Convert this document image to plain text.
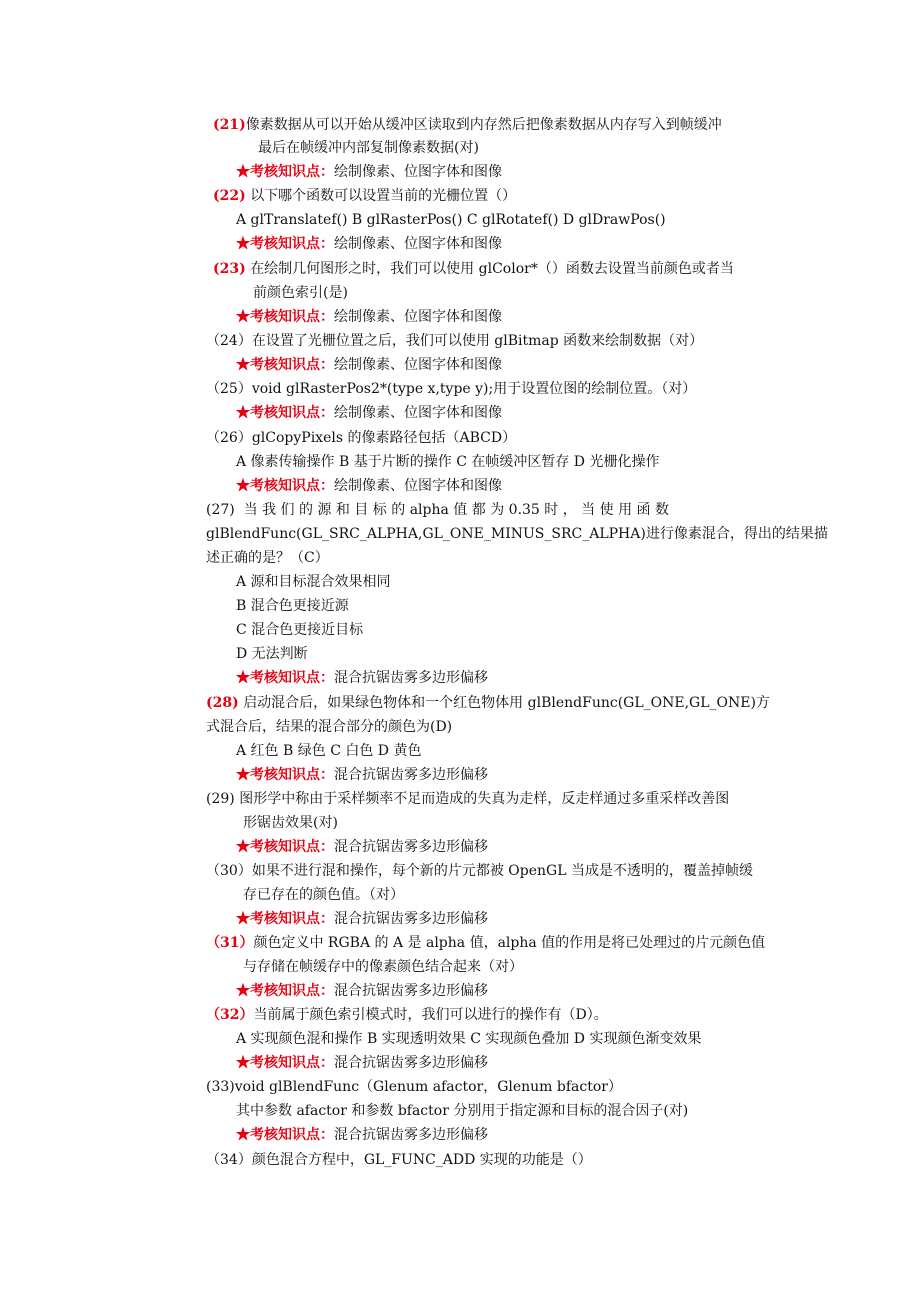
(21)像素数据从可以开始从缓冲区读取到内存然后把像素数据从内存写入到帧缓冲
最后在帧缓冲内部复制像素数据(对)
★考核知识点：绘制像素、位图字体和图像
(22) 以下哪个函数可以设置当前的光栅位置（）
A glTranslatef() B glRasterPos() C glRotatef() D glDrawPos()
★考核知识点：绘制像素、位图字体和图像
(23) 在绘制几何图形之时，我们可以使用 glColor*（）函数去设置当前颜色或者当
前颜色索引(是)
★考核知识点：绘制像素、位图字体和图像
（24）在设置了光栅位置之后，我们可以使用 glBitmap 函数来绘制数据（对）
★考核知识点：绘制像素、位图字体和图像
（25）void glRasterPos2*(type x,type y);用于设置位图的绘制位置。（对）
★考核知识点：绘制像素、位图字体和图像
（26）glCopyPixels 的像素路径包括（ABCD）
A 像素传输操作 B 基于片断的操作 C 在帧缓冲区暂存 D 光栅化操作
★考核知识点：绘制像素、位图字体和图像
(27) 当 我 们 的 源 和 目 标 的 alpha 值 都 为 0.35 时 ， 当 使 用 函 数
glBlendFunc(GL_SRC_ALPHA,GL_ONE_MINUS_SRC_ALPHA)进行像素混合，得出的结果描
述正确的是？（C）
A 源和目标混合效果相同
B 混合色更接近源
C 混合色更接近目标
D 无法判断
★考核知识点：混合抗锯齿雾多边形偏移
(28) 启动混合后，如果绿色物体和一个红色物体用 glBlendFunc(GL_ONE,GL_ONE)方
式混合后，结果的混合部分的颜色为(D)
A 红色 B 绿色 C 白色 D 黄色
★考核知识点：混合抗锯齿雾多边形偏移
(29) 图形学中称由于采样频率不足而造成的失真为走样，反走样通过多重采样改善图
形锯齿效果(对)
★考核知识点：混合抗锯齿雾多边形偏移
（30）如果不进行混和操作，每个新的片元都被 OpenGL 当成是不透明的，覆盖掉帧缓
存已存在的颜色值。（对）
★考核知识点：混合抗锯齿雾多边形偏移
（31）颜色定义中 RGBA 的 A 是 alpha 值，alpha 值的作用是将已处理过的片元颜色值
与存储在帧缓存中的像素颜色结合起来（对）
★考核知识点：混合抗锯齿雾多边形偏移
（32）当前属于颜色索引模式时，我们可以进行的操作有（D）。
A 实现颜色混和操作 B 实现透明效果 C 实现颜色叠加 D 实现颜色渐变效果
★考核知识点：混合抗锯齿雾多边形偏移
(33)void glBlendFunc（Glenum afactor，Glenum bfactor）
其中参数 afactor 和参数 bfactor 分别用于指定源和目标的混合因子(对)
★考核知识点：混合抗锯齿雾多边形偏移
（34）颜色混合方程中，GL_FUNC_ADD 实现的功能是（）
